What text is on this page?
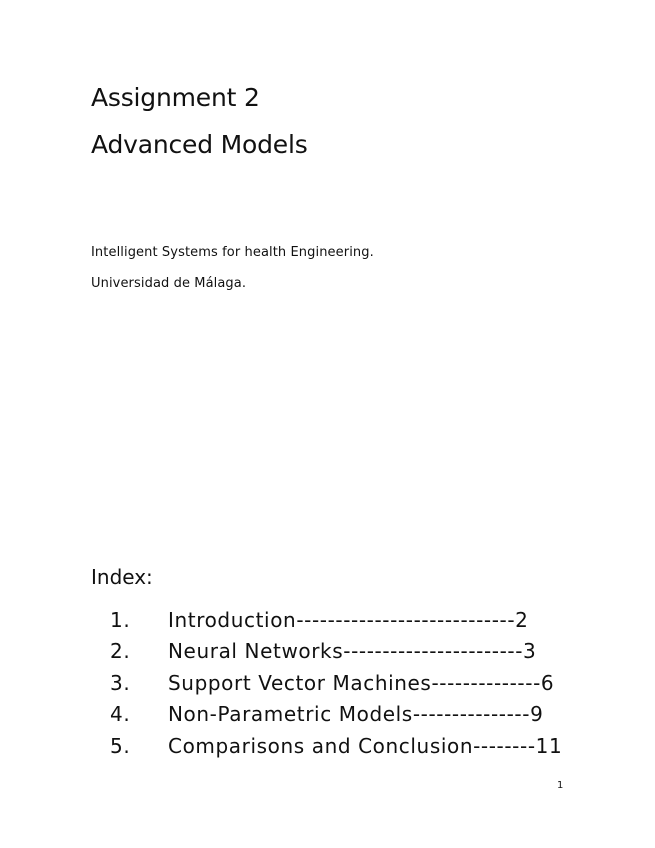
Assignment 2
Advanced Models
Intelligent Systems for health Engineering.
Universidad de Málaga.
Index:
1.	Introduction----------------------------2
2.	Neural Networks-----------------------3
3.	Support Vector Machines--------------6
4.	Non-Parametric Models---------------9
5.	Comparisons and Conclusion--------11
1
